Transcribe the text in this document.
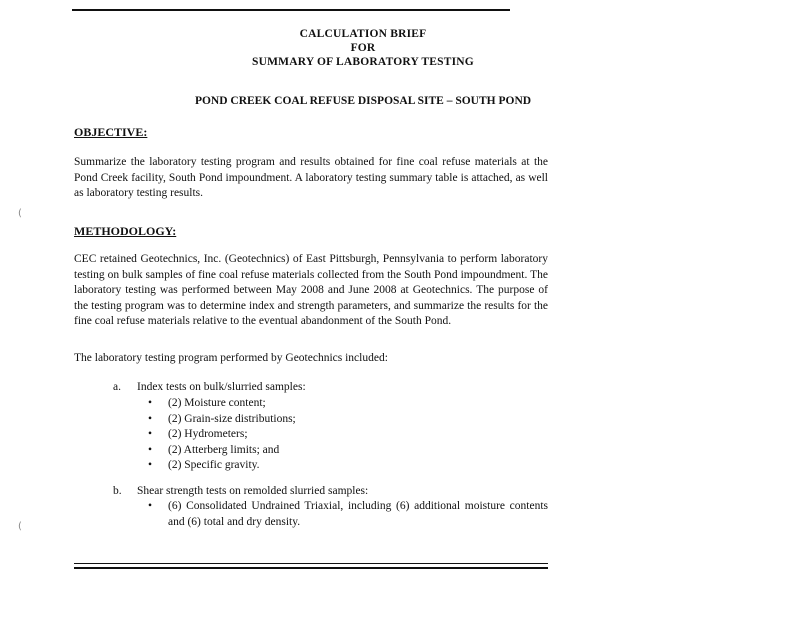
CALCULATION BRIEF
FOR
SUMMARY OF LABORATORY TESTING
POND CREEK COAL REFUSE DISPOSAL SITE – SOUTH POND
OBJECTIVE:
Summarize the laboratory testing program and results obtained for fine coal refuse materials at the Pond Creek facility, South Pond impoundment. A laboratory testing summary table is attached, as well as laboratory testing results.
METHODOLOGY:
CEC retained Geotechnics, Inc. (Geotechnics) of East Pittsburgh, Pennsylvania to perform laboratory testing on bulk samples of fine coal refuse materials collected from the South Pond impoundment. The laboratory testing was performed between May 2008 and June 2008 at Geotechnics. The purpose of the testing program was to determine index and strength parameters, and summarize the results for the fine coal refuse materials relative to the eventual abandonment of the South Pond.
The laboratory testing program performed by Geotechnics included:
a. Index tests on bulk/slurried samples:
• (2) Moisture content;
• (2) Grain-size distributions;
• (2) Hydrometers;
• (2) Atterberg limits; and
• (2) Specific gravity.
b. Shear strength tests on remolded slurried samples:
• (6) Consolidated Undrained Triaxial, including (6) additional moisture contents and (6) total and dry density.
(
(
